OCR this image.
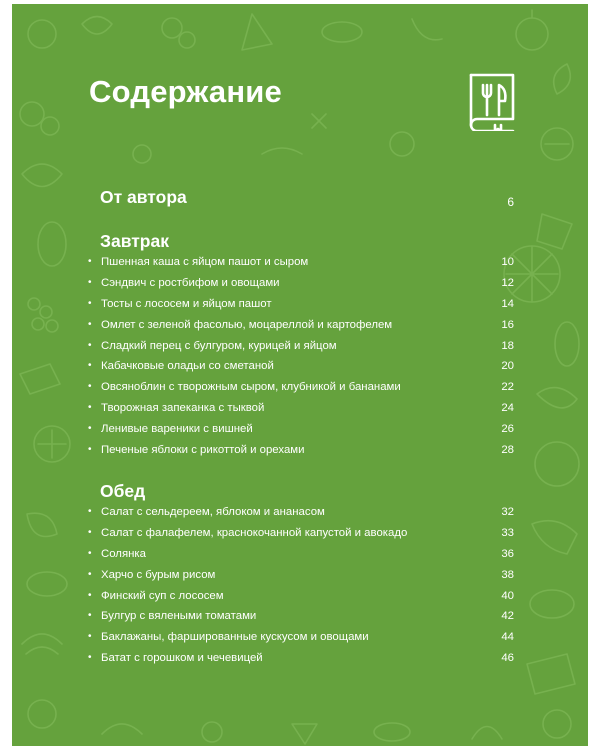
Содержание
От автора	6
Завтрак
• Пшенная каша с яйцом пашот и сыром	10
• Сэндвич с ростбифом и овощами	12
• Тосты с лососем и яйцом пашот	14
• Омлет с зеленой фасолью, моцареллой и картофелем	16
• Сладкий перец с булгуром, курицей и яйцом	18
• Кабачковые оладьи со сметаной	20
• Овсяноблин с творожным сыром, клубникой и бананами	22
• Творожная запеканка с тыквой	24
• Ленивые вареники с вишней	26
• Печеные яблоки с рикоттой и орехами	28
Обед
• Салат с сельдереем, яблоком и ананасом	32
• Салат с фалафелем, краснокочанной капустой и авокадо	33
• Солянка	36
• Харчо с бурым рисом	38
• Финский суп с лососем	40
• Булгур с вялеными томатами	42
• Баклажаны, фаршированные кускусом и овощами	44
• Батат с горошком и чечевицей	46
